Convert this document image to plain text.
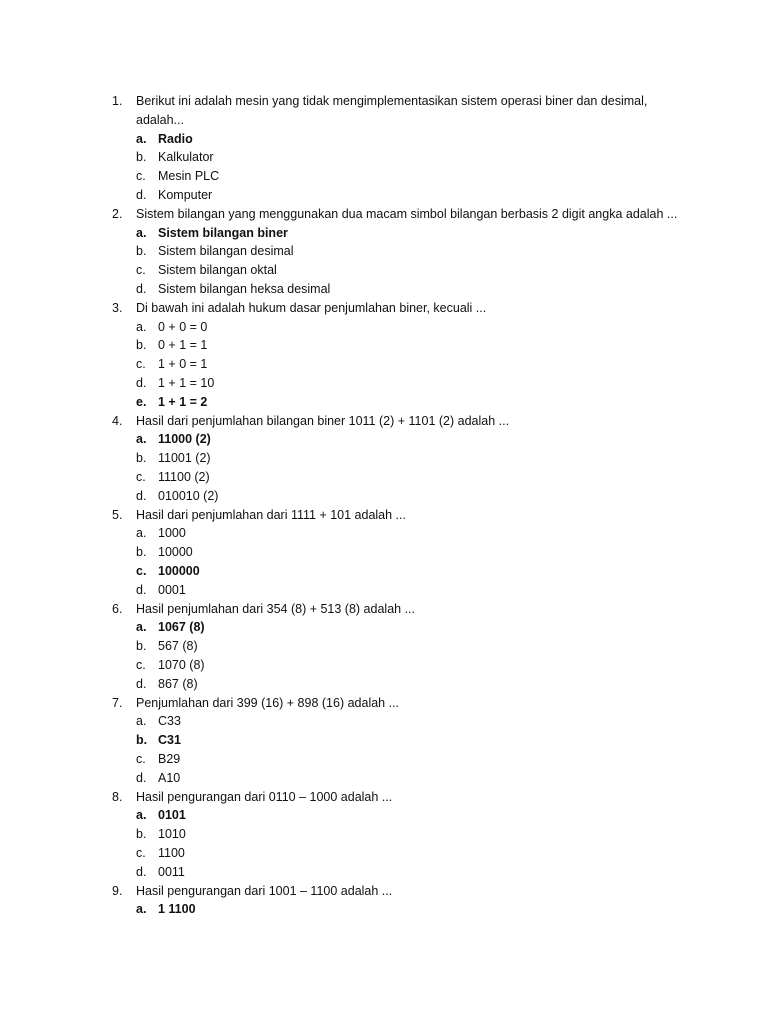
1. Berikut ini adalah mesin yang tidak mengimplementasikan sistem operasi biner dan desimal,
adalah...
a. Radio
b. Kalkulator
c. Mesin PLC
d. Komputer
2. Sistem bilangan yang menggunakan dua macam simbol bilangan berbasis 2 digit angka adalah ...
a. Sistem bilangan biner
b. Sistem bilangan desimal
c. Sistem bilangan oktal
d. Sistem bilangan heksa desimal
3. Di bawah ini adalah hukum dasar penjumlahan biner, kecuali ...
a. 0 + 0 = 0
b. 0 + 1 = 1
c. 1 + 0 = 1
d. 1 + 1 = 10
e. 1 + 1 = 2
4. Hasil dari penjumlahan bilangan biner 1011 (2) + 1101 (2) adalah ...
a. 11000 (2)
b. 11001 (2)
c. 11100 (2)
d. 010010 (2)
5. Hasil dari penjumlahan dari 1111 + 101 adalah ...
a. 1000
b. 10000
c. 100000
d. 0001
6. Hasil penjumlahan dari 354 (8) + 513 (8) adalah ...
a. 1067 (8)
b. 567 (8)
c. 1070 (8)
d. 867 (8)
7. Penjumlahan dari 399 (16) + 898 (16) adalah ...
a. C33
b. C31
c. B29
d. A10
8. Hasil pengurangan dari 0110 – 1000 adalah ...
a. 0101
b. 1010
c. 1100
d. 0011
9. Hasil pengurangan dari 1001 – 1100 adalah ...
a. 1 1100
